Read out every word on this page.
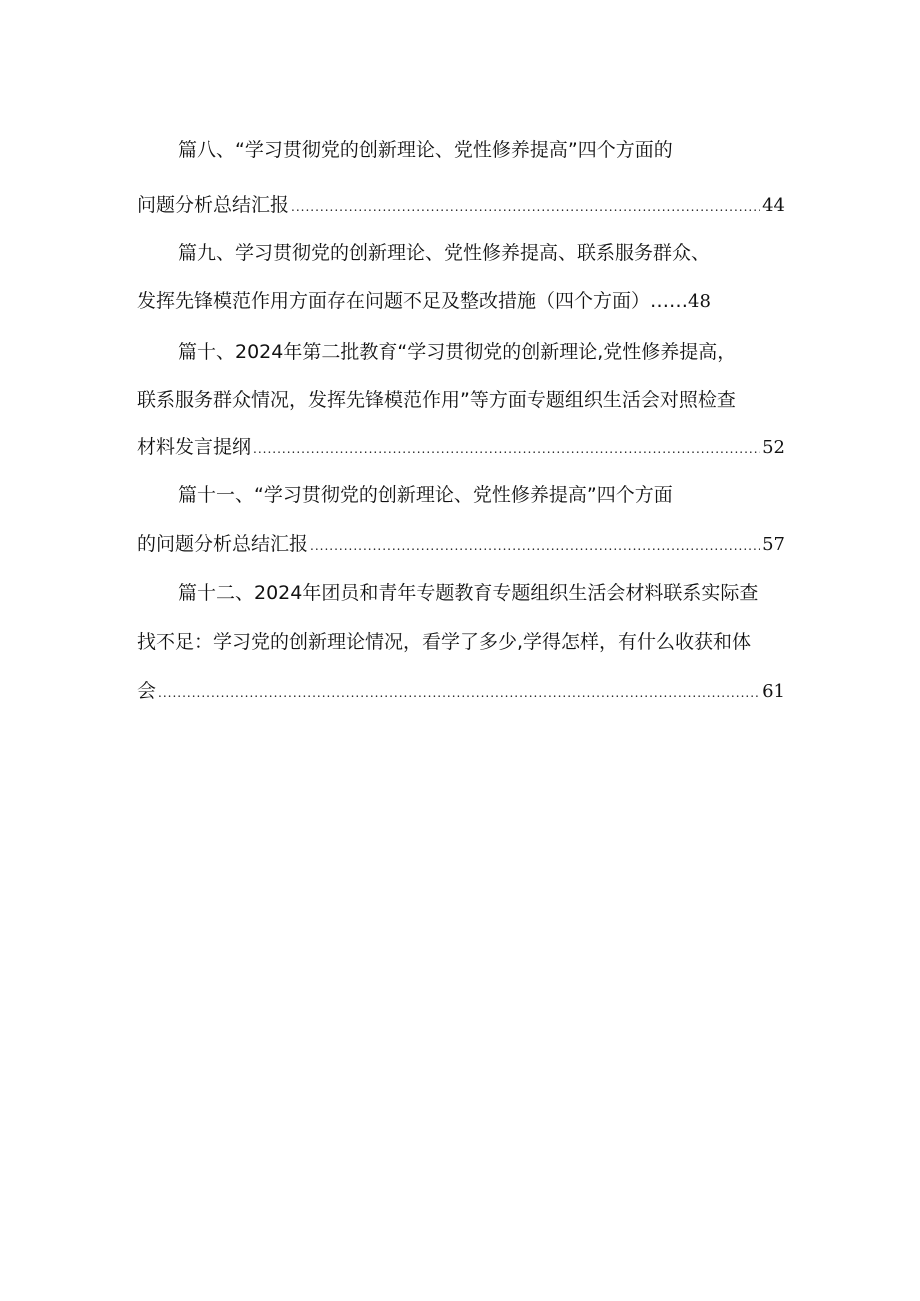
篇八、“学习贯彻党的创新理论、党性修养提高”四个方面的
问题分析总结汇报 .....	44
篇九、学习贯彻党的创新理论、党性修养提高、联系服务群众、
发挥先锋模范作用方面存在问题不足及整改措施（四个方面）…… 48
篇十、2024年第二批教育“学习贯彻党的创新理论,党性修养提高，
联系服务群众情况，发挥先锋模范作用”等方面专题组织生活会对照检查
材料发言提纲 .....	52
篇十一、“学习贯彻党的创新理论、党性修养提高”四个方面
的问题分析总结汇报 .....	57
篇十二、2024年团员和青年专题教育专题组织生活会材料联系实际查
找不足：学习党的创新理论情况，看学了多少,学得怎样，有什么收获和体
会 .....	61
